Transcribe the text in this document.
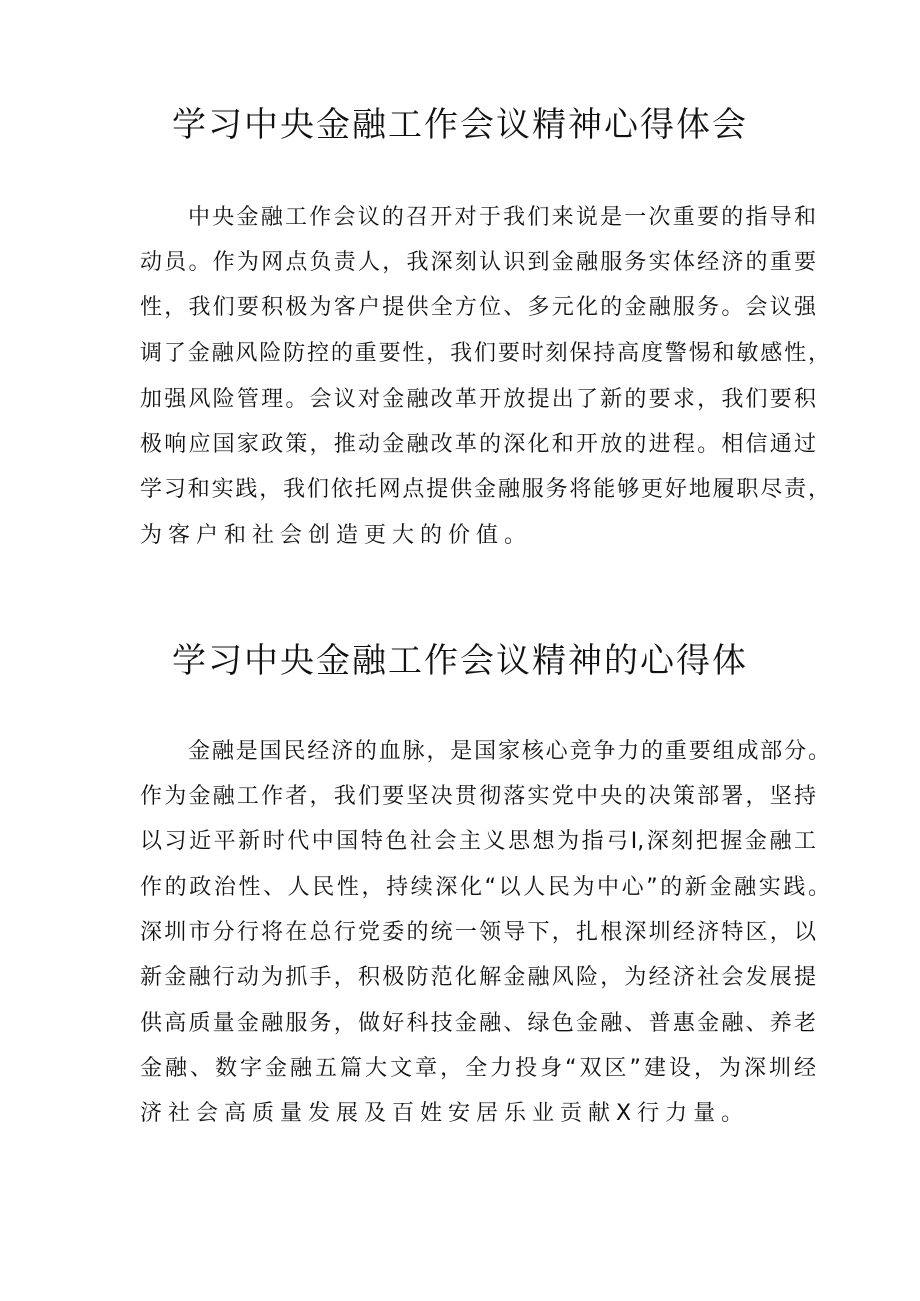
学习中央金融工作会议精神心得体会
中央金融工作会议的召开对于我们来说是一次重要的指导和
动员。作为网点负责人，我深刻认识到金融服务实体经济的重要
性，我们要积极为客户提供全方位、多元化的金融服务。会议强
调了金融风险防控的重要性，我们要时刻保持高度警惕和敏感性，
加强风险管理。会议对金融改革开放提出了新的要求，我们要积
极响应国家政策，推动金融改革的深化和开放的进程。相信通过
学习和实践，我们依托网点提供金融服务将能够更好地履职尽责，
为客户和社会创造更大的价值。
学习中央金融工作会议精神的心得体
金融是国民经济的血脉，是国家核心竞争力的重要组成部分。
作为金融工作者，我们要坚决贯彻落实党中央的决策部署，坚持
以习近平新时代中国特色社会主义思想为指弓I,深刻把握金融工
作的政治性、人民性，持续深化“以人民为中心”的新金融实践。
深圳市分行将在总行党委的统一领导下，扎根深圳经济特区，以
新金融行动为抓手，积极防范化解金融风险，为经济社会发展提
供高质量金融服务，做好科技金融、绿色金融、普惠金融、养老
金融、数字金融五篇大文章，全力投身“双区”建设，为深圳经
济社会高质量发展及百姓安居乐业贡献X行力量。
